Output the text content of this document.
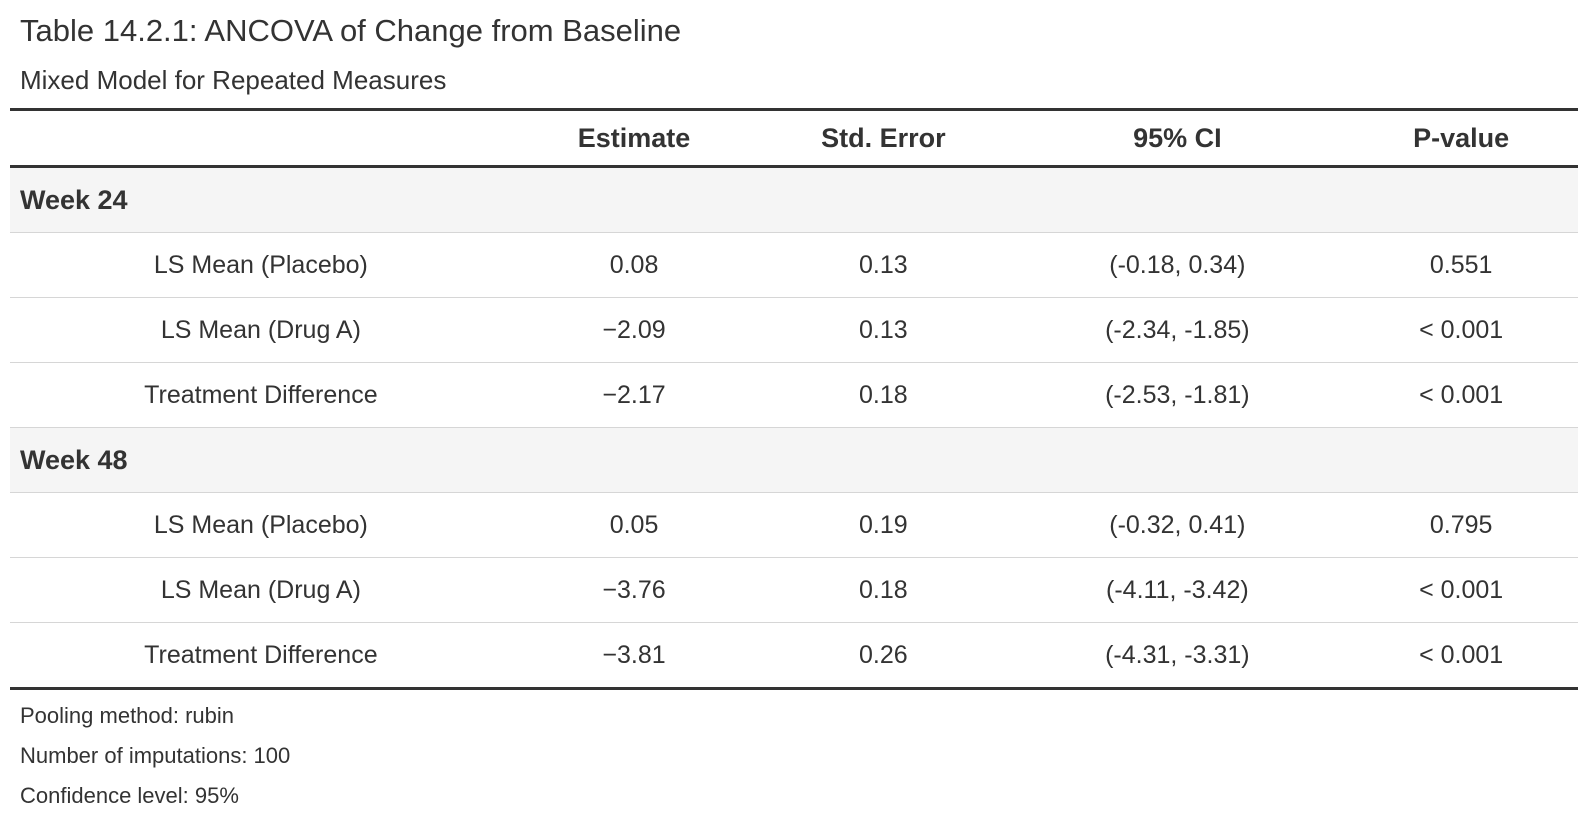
Table 14.2.1: ANCOVA of Change from Baseline
Mixed Model for Repeated Measures
	Estimate	Std. Error	95% CI	P-value
Week 24				
LS Mean (Placebo)	0.08	0.13	(-0.18, 0.34)	0.551
LS Mean (Drug A)	−2.09	0.13	(-2.34, -1.85)	< 0.001
Treatment Difference	−2.17	0.18	(-2.53, -1.81)	< 0.001
Week 48				
LS Mean (Placebo)	0.05	0.19	(-0.32, 0.41)	0.795
LS Mean (Drug A)	−3.76	0.18	(-4.11, -3.42)	< 0.001
Treatment Difference	−3.81	0.26	(-4.31, -3.31)	< 0.001

Pooling method: rubin

Number of imputations: 100

Confidence level: 95%
